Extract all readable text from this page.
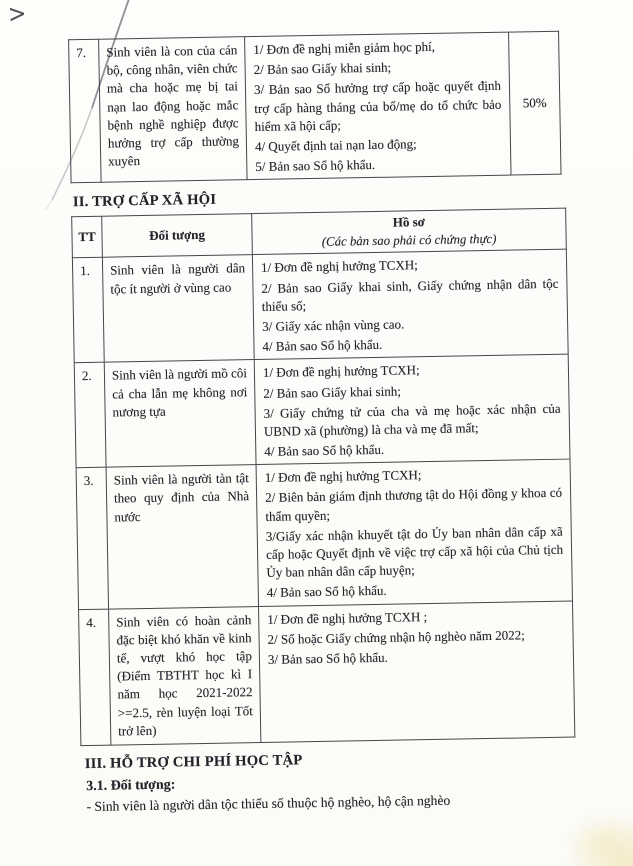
>
7.	Sinh viên là con của cán bộ, công nhân, viên chức mà cha hoặc mẹ bị tai nạn lao động hoặc mắc bệnh nghề nghiệp được hưởng trợ cấp thường xuyên	

1/ Đơn đề nghị miễn giảm học phí,

2/ Bản sao Giấy khai sinh;

3/ Bản sao Sổ hưởng trợ cấp hoặc quyết định trợ cấp hàng tháng của bố/mẹ do tổ chức bảo hiểm xã hội cấp;

4/ Quyết định tai nạn lao động;

5/ Bản sao Sổ hộ khẩu.

	50%
II. TRỢ CẤP XÃ HỘI
TT	Đối tượng	Hồ sơ
(Các bản sao phải có chứng thực)

1.	Sinh viên là người dân tộc ít người ở vùng cao	1/ Đơn đề nghị hưởng TCXH;

2/ Bản sao Giấy khai sinh, Giấy chứng nhận dân tộc thiểu số;

3/ Giấy xác nhận vùng cao.

4/ Bản sao Sổ hộ khẩu.

2.	Sinh viên là người mồ côi cả cha lẫn mẹ không nơi nương tựa	1/ Đơn đề nghị hưởng TCXH;

2/ Bản sao Giấy khai sinh;

3/ Giấy chứng tử của cha và mẹ hoặc xác nhận của UBND xã (phường) là cha và mẹ đã mất;

4/ Bản sao Sổ hộ khẩu.

3.	Sinh viên là người tàn tật theo quy định của Nhà nước	1/ Đơn đề nghị hưởng TCXH;

2/ Biên bản giám định thương tật do Hội đồng y khoa có thẩm quyền;

3/Giấy xác nhận khuyết tật do Ủy ban nhân dân cấp xã cấp hoặc Quyết định về việc trợ cấp xã hội của Chủ tịch Ủy ban nhân dân cấp huyện;

4/ Bản sao Sổ hộ khẩu.

4.	Sinh viên có hoàn cảnh đặc biệt khó khăn về kinh tế, vượt khó học tập (Điểm TBTHT học kì I năm học 2021-2022 >=2.5, rèn luyện loại Tốt trở lên)	1/ Đơn đề nghị hưởng TCXH ;

2/ Sổ hoặc Giấy chứng nhận hộ nghèo năm 2022;

3/ Bản sao Sổ hộ khẩu.

III. HỖ TRỢ CHI PHÍ HỌC TẬP
3.1. Đối tượng:
- Sinh viên là người dân tộc thiểu số thuộc hộ nghèo, hộ cận nghèo
